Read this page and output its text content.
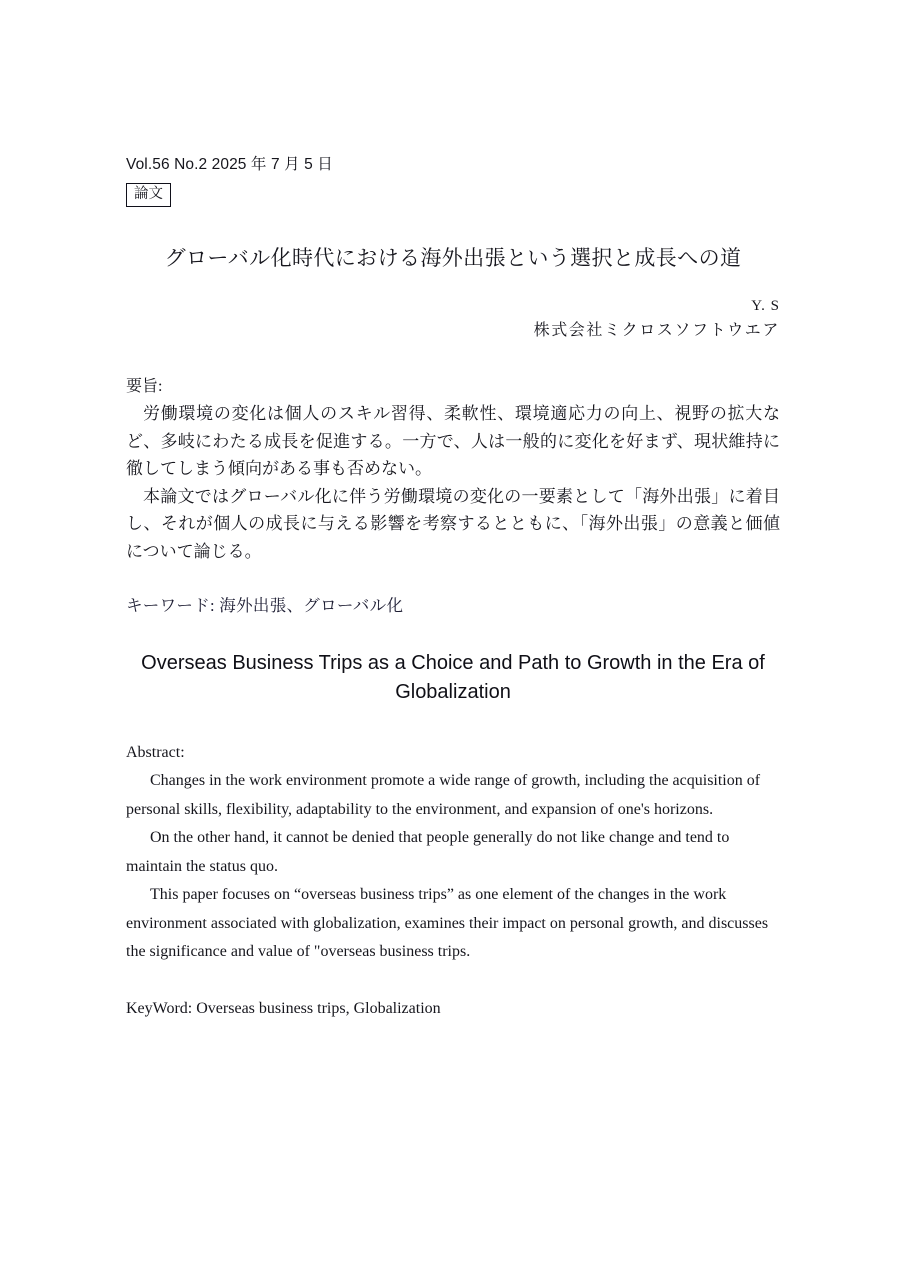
Vol.56 No.2 2025 年 7 月 5 日
論文
グローバル化時代における海外出張という選択と成長への道
Y. S
株式会社ミクロスソフトウエア
要旨:

労働環境の変化は個人のスキル習得、柔軟性、環境適応力の向上、視野の拡大など、多岐にわたる成長を促進する。一方で、人は一般的に変化を好まず、現状維持に徹してしまう傾向がある事も否めない。

本論文ではグローバル化に伴う労働環境の変化の一要素として「海外出張」に着目し、それが個人の成長に与える影響を考察するとともに、「海外出張」の意義と価値について論じる。

キーワード: 海外出張、グローバル化
Overseas Business Trips as a Choice and Path to Growth in the Era of Globalization
Abstract:

Changes in the work environment promote a wide range of growth, including the acquisition of personal skills, flexibility, adaptability to the environment, and expansion of one's horizons.

On the other hand, it cannot be denied that people generally do not like change and tend to maintain the status quo.

This paper focuses on “overseas business trips” as one element of the changes in the work environment associated with globalization, examines their impact on personal growth, and discusses the significance and value of "overseas business trips.

KeyWord: Overseas business trips, Globalization
